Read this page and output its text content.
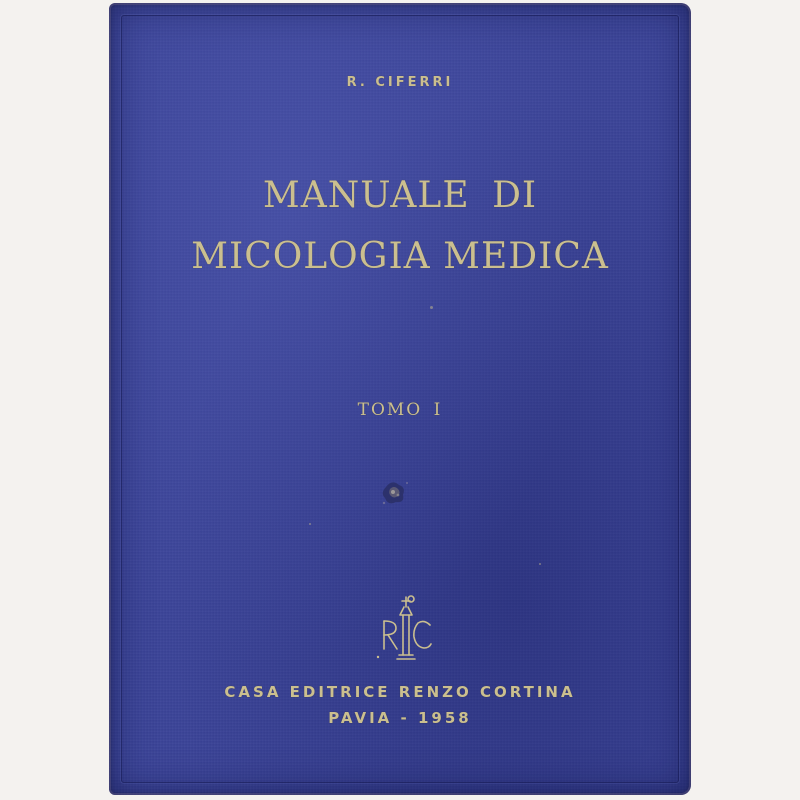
R. CIFERRI
MANUALE DI
MICOLOGIA MEDICA
TOMO I
CASA EDITRICE RENZO CORTINA
PAVIA - 1958
